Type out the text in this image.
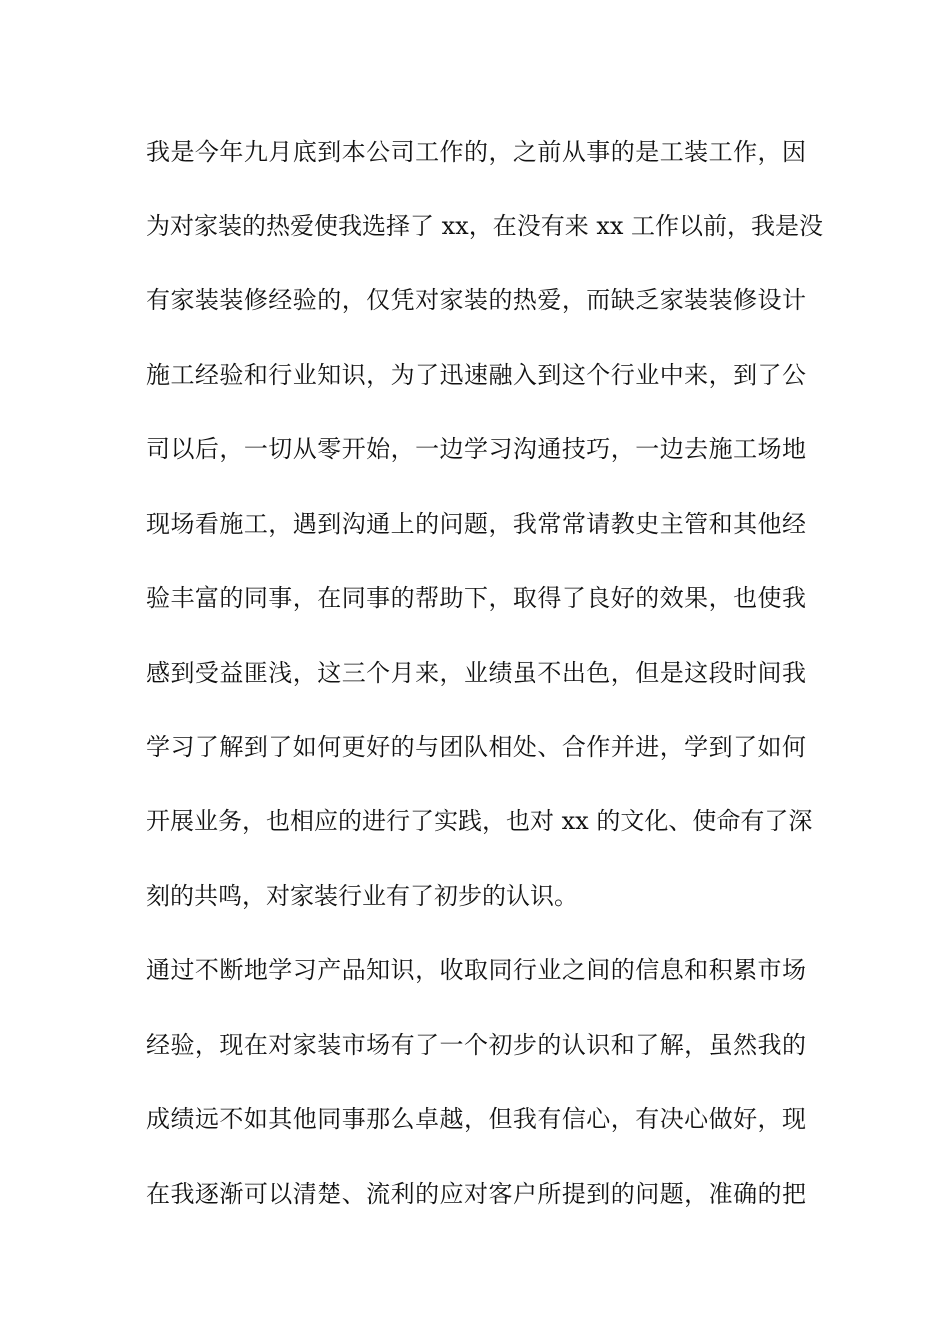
我是今年九月底到本公司工作的，之前从事的是工装工作，因
为对家装的热爱使我选择了 xx，在没有来 xx 工作以前，我是没
有家装装修经验的，仅凭对家装的热爱，而缺乏家装装修设计
施工经验和行业知识，为了迅速融入到这个行业中来，到了公
司以后，一切从零开始，一边学习沟通技巧，一边去施工场地
现场看施工，遇到沟通上的问题，我常常请教史主管和其他经
验丰富的同事，在同事的帮助下，取得了良好的效果，也使我
感到受益匪浅，这三个月来，业绩虽不出色，但是这段时间我
学习了解到了如何更好的与团队相处、合作并进，学到了如何
开展业务，也相应的进行了实践，也对 xx 的文化、使命有了深
刻的共鸣，对家装行业有了初步的认识。
通过不断地学习产品知识，收取同行业之间的信息和积累市场
经验，现在对家装市场有了一个初步的认识和了解，虽然我的
成绩远不如其他同事那么卓越，但我有信心，有决心做好，现
在我逐渐可以清楚、流利的应对客户所提到的问题，准确的把
